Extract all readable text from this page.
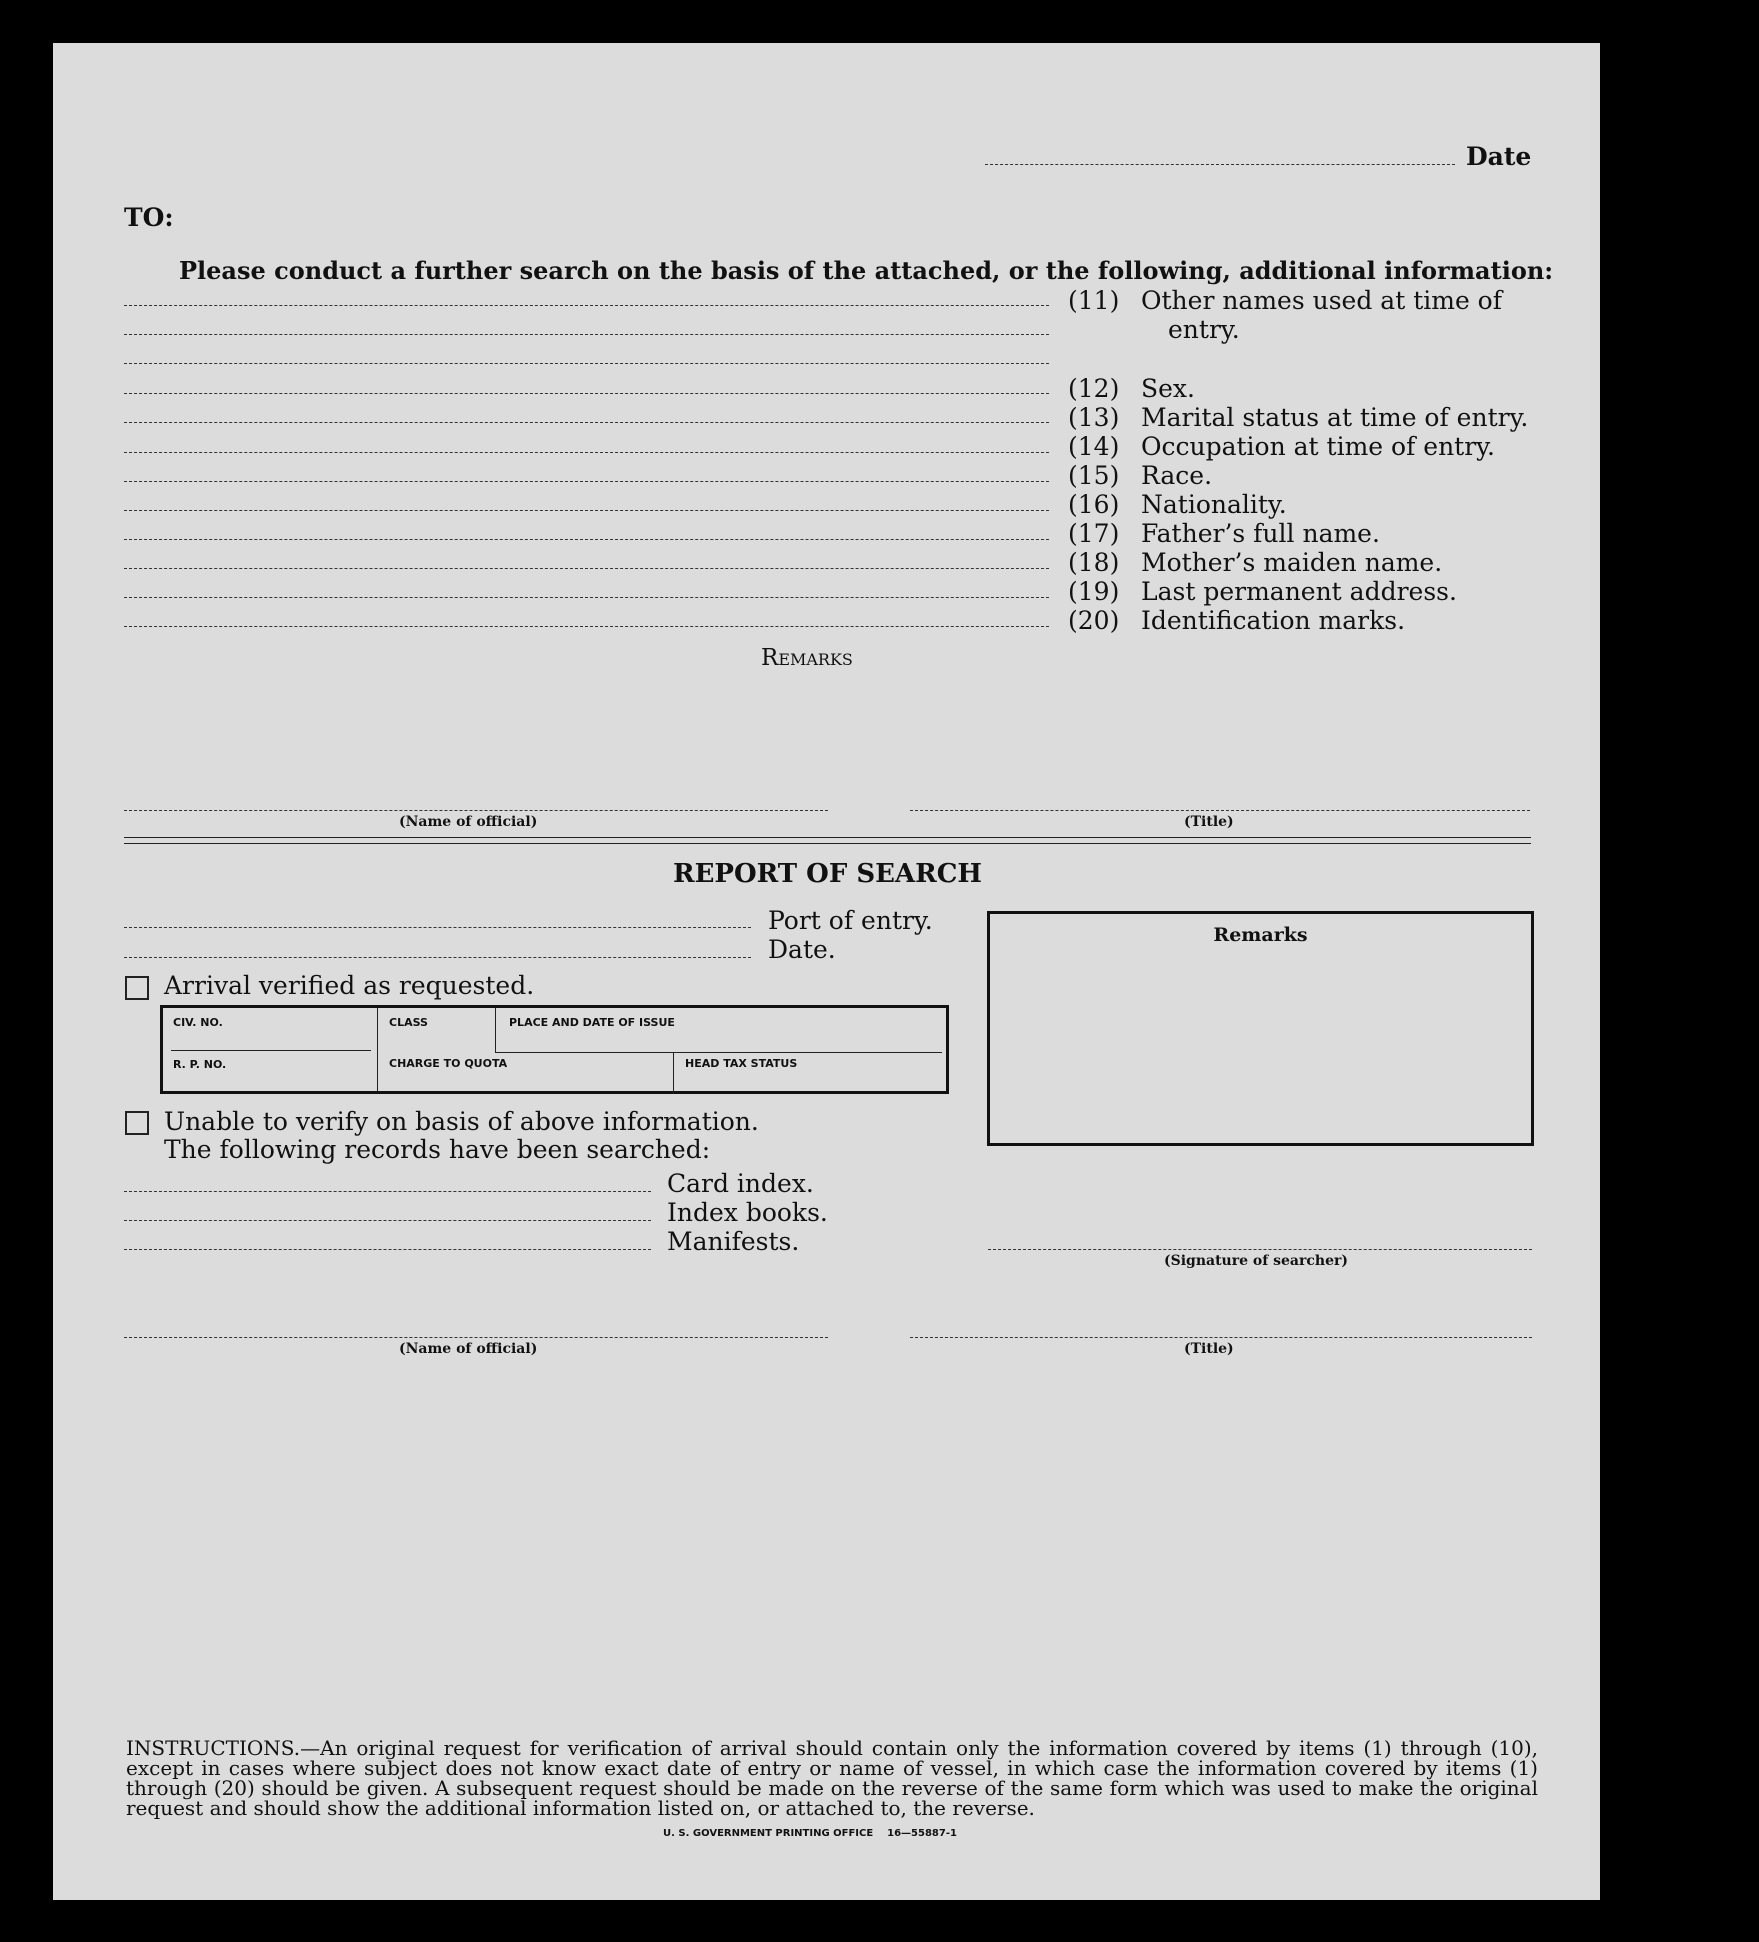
Date
TO:
Please conduct a further search on the basis of the attached, or the following, additional information:
(11) Other names used at time of
entry.
(12) Sex.
(13) Marital status at time of entry.
(14) Occupation at time of entry.
(15) Race.
(16) Nationality.
(17) Father’s full name.
(18) Mother’s maiden name.
(19) Last permanent address.
(20) Identification marks.
Remarks
(Name of official)	(Title)
REPORT OF SEARCH
Port of entry.
Date.
Arrival verified as requested.
CIV. NO.	CLASS	PLACE AND DATE OF ISSUE
R. P. NO.	CHARGE TO QUOTA	HEAD TAX STATUS
Unable to verify on basis of above information.
The following records have been searched:
Card index.
Index books.
Manifests.
Remarks
(Signature of searcher)
(Name of official)	(Title)
INSTRUCTIONS.—An original request for verification of arrival should contain only the information covered by items (1) through (10), except in cases where subject does not know exact date of entry or name of vessel, in which case the information covered by items (1) through (20) should be given. A subsequent request should be made on the reverse of the same form which was used to make the original request and should show the additional information listed on, or attached to, the reverse.
U. S. GOVERNMENT PRINTING OFFICE    16—55887-1
